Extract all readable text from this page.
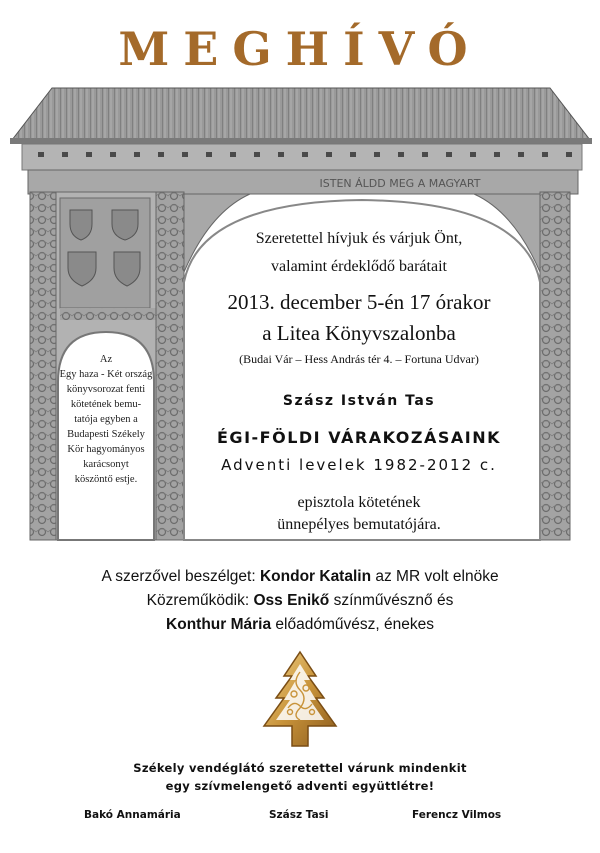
MEGHÍVÓ
ISTEN ÁLDD MEG A MAGYART
Az
Egy haza - Két ország
könyvsorozat fenti
kötetének bemu-
tatója egyben a
Budapesti Székely
Kör hagyományos
karácsonyt
köszöntő estje.
Szeretettel hívjuk és várjuk Önt,
valamint érdeklődő barátait
2013. december 5-én 17 órakor
a Litea Könyvszalonba
(Budai Vár – Hess András tér 4. – Fortuna Udvar)
Szász István Tas
ÉGI-FÖLDI VÁRAKOZÁSAINK
Adventi levelek 1982-2012 c.
episztola kötetének
ünnepélyes bemutatójára.
A szerzővel beszélget: Kondor Katalin az MR volt elnöke
Közreműködik: Oss Enikő színművésznő és
Konthur Mária előadóművész, énekes
Székely vendéglátó szeretettel várunk mindenkit
egy szívmelengető adventi együttlétre!
Bakó Annamária	Szász Tasi	Ferencz Vilmos
